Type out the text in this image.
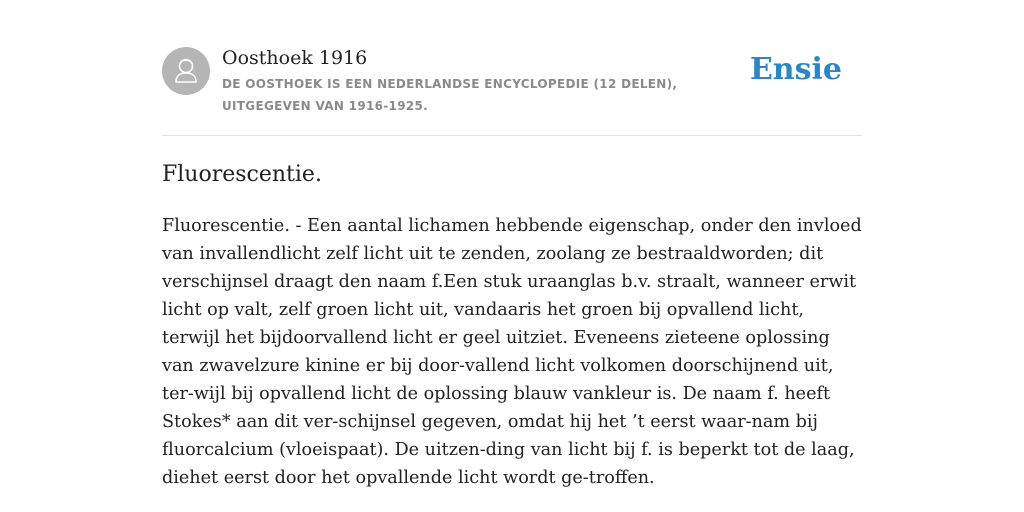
Oosthoek 1916
DE OOSTHOEK IS EEN NEDERLANDSE ENCYCLOPEDIE (12 DELEN), UITGEGEVEN VAN 1916-1925.
Ensie
Fluorescentie.

Fluorescentie. - Een aantal lichamen hebbende eigenschap, onder den invloed van invallendlicht zelf licht uit te zenden, zoolang ze bestraaldworden; dit verschijnsel draagt den naam f.Een stuk uraanglas b.v. straalt, wanneer erwit licht op valt, zelf groen licht uit, vandaaris het groen bij opvallend licht, terwijl het bijdoorvallend licht er geel uitziet. Eveneens zieteene oplossing van zwavelzure kinine er bij door-vallend licht volkomen doorschijnend uit, ter-wijl bij opvallend licht de oplossing blauw vankleur is. De naam f. heeft Stokes* aan dit ver-schijnsel gegeven, omdat hij het ’t eerst waar-nam bij fluorcalcium (vloeispaat). De uitzen-ding van licht bij f. is beperkt tot de laag, diehet eerst door het opvallende licht wordt ge-troffen.
